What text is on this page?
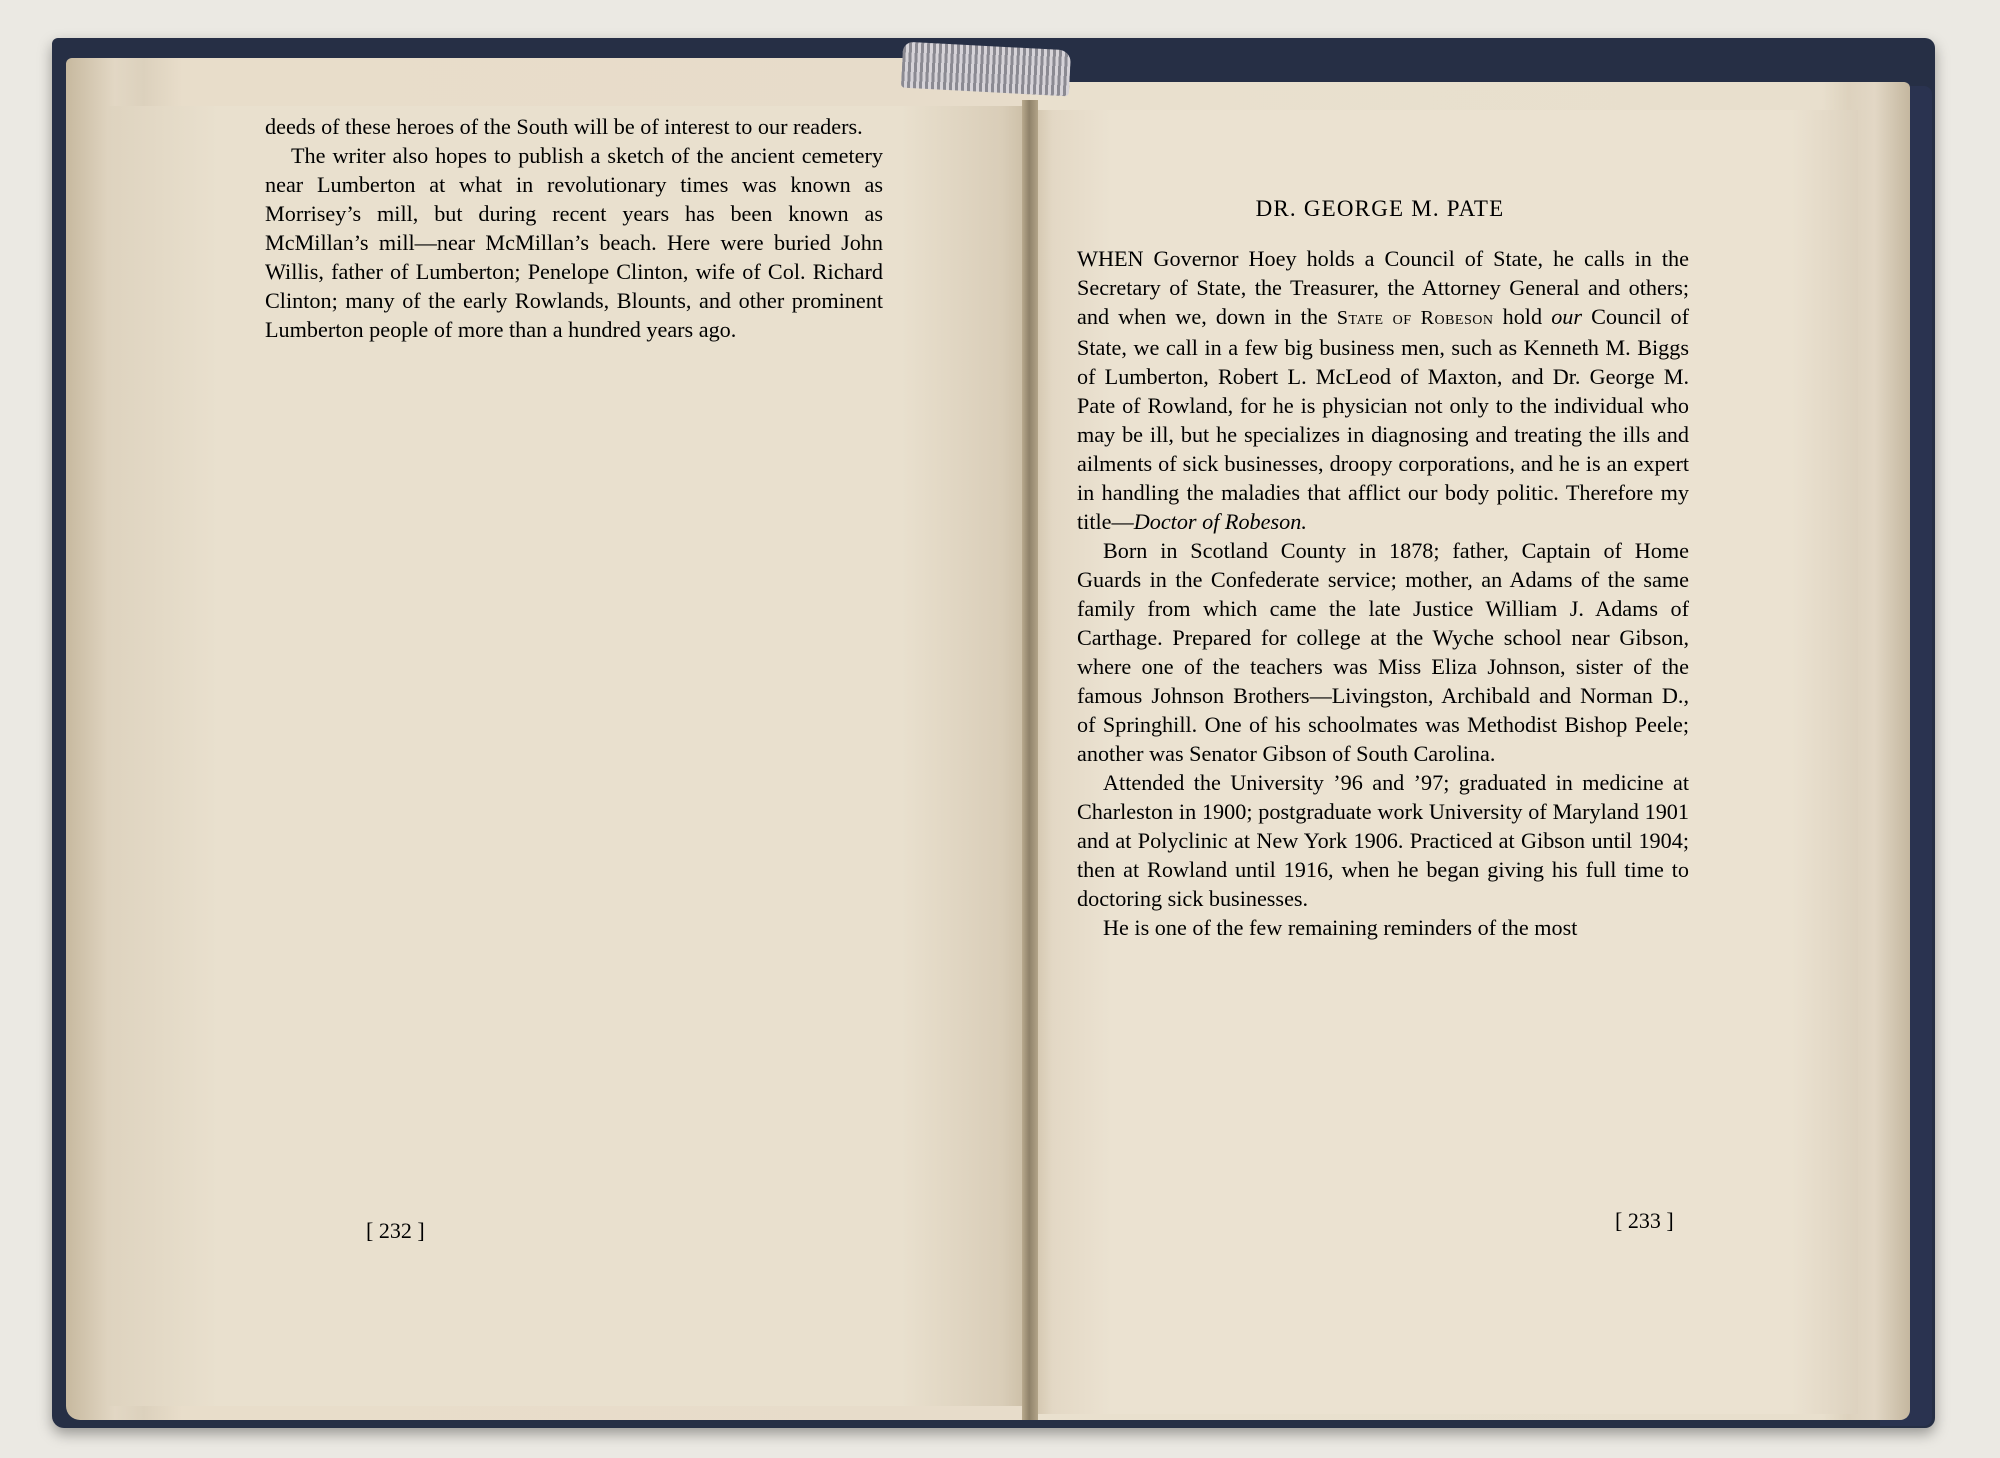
deeds of these heroes of the South will be of interest to our readers.

The writer also hopes to publish a sketch of the ancient cemetery near Lumberton at what in revolutionary times was known as Morrisey’s mill, but during recent years has been known as McMillan’s mill—near McMillan’s beach. Here were buried John Willis, father of Lumberton; Penelope Clinton, wife of Col. Richard Clinton; many of the early Rowlands, Blounts, and other prominent Lumberton people of more than a hundred years ago.

[ 232 ]
DR. GEORGE M. PATE

WHEN Governor Hoey holds a Council of State, he calls in the Secretary of State, the Treasurer, the Attorney General and others; and when we, down in the State of Robeson hold our Council of State, we call in a few big business men, such as Kenneth M. Biggs of Lumberton, Robert L. McLeod of Maxton, and Dr. George M. Pate of Rowland, for he is physician not only to the individual who may be ill, but he specializes in diagnosing and treating the ills and ailments of sick businesses, droopy corporations, and he is an expert in handling the maladies that afflict our body politic. Therefore my title—Doctor of Robeson.

Born in Scotland County in 1878; father, Captain of Home Guards in the Confederate service; mother, an Adams of the same family from which came the late Justice William J. Adams of Carthage. Prepared for college at the Wyche school near Gibson, where one of the teachers was Miss Eliza Johnson, sister of the famous Johnson Brothers—Livingston, Archibald and Norman D., of Springhill. One of his schoolmates was Methodist Bishop Peele; another was Senator Gibson of South Carolina.

Attended the University ’96 and ’97; graduated in medicine at Charleston in 1900; postgraduate work University of Maryland 1901 and at Polyclinic at New York 1906. Practiced at Gibson until 1904; then at Rowland until 1916, when he began giving his full time to doctoring sick businesses.

He is one of the few remaining reminders of the most

[ 233 ]
